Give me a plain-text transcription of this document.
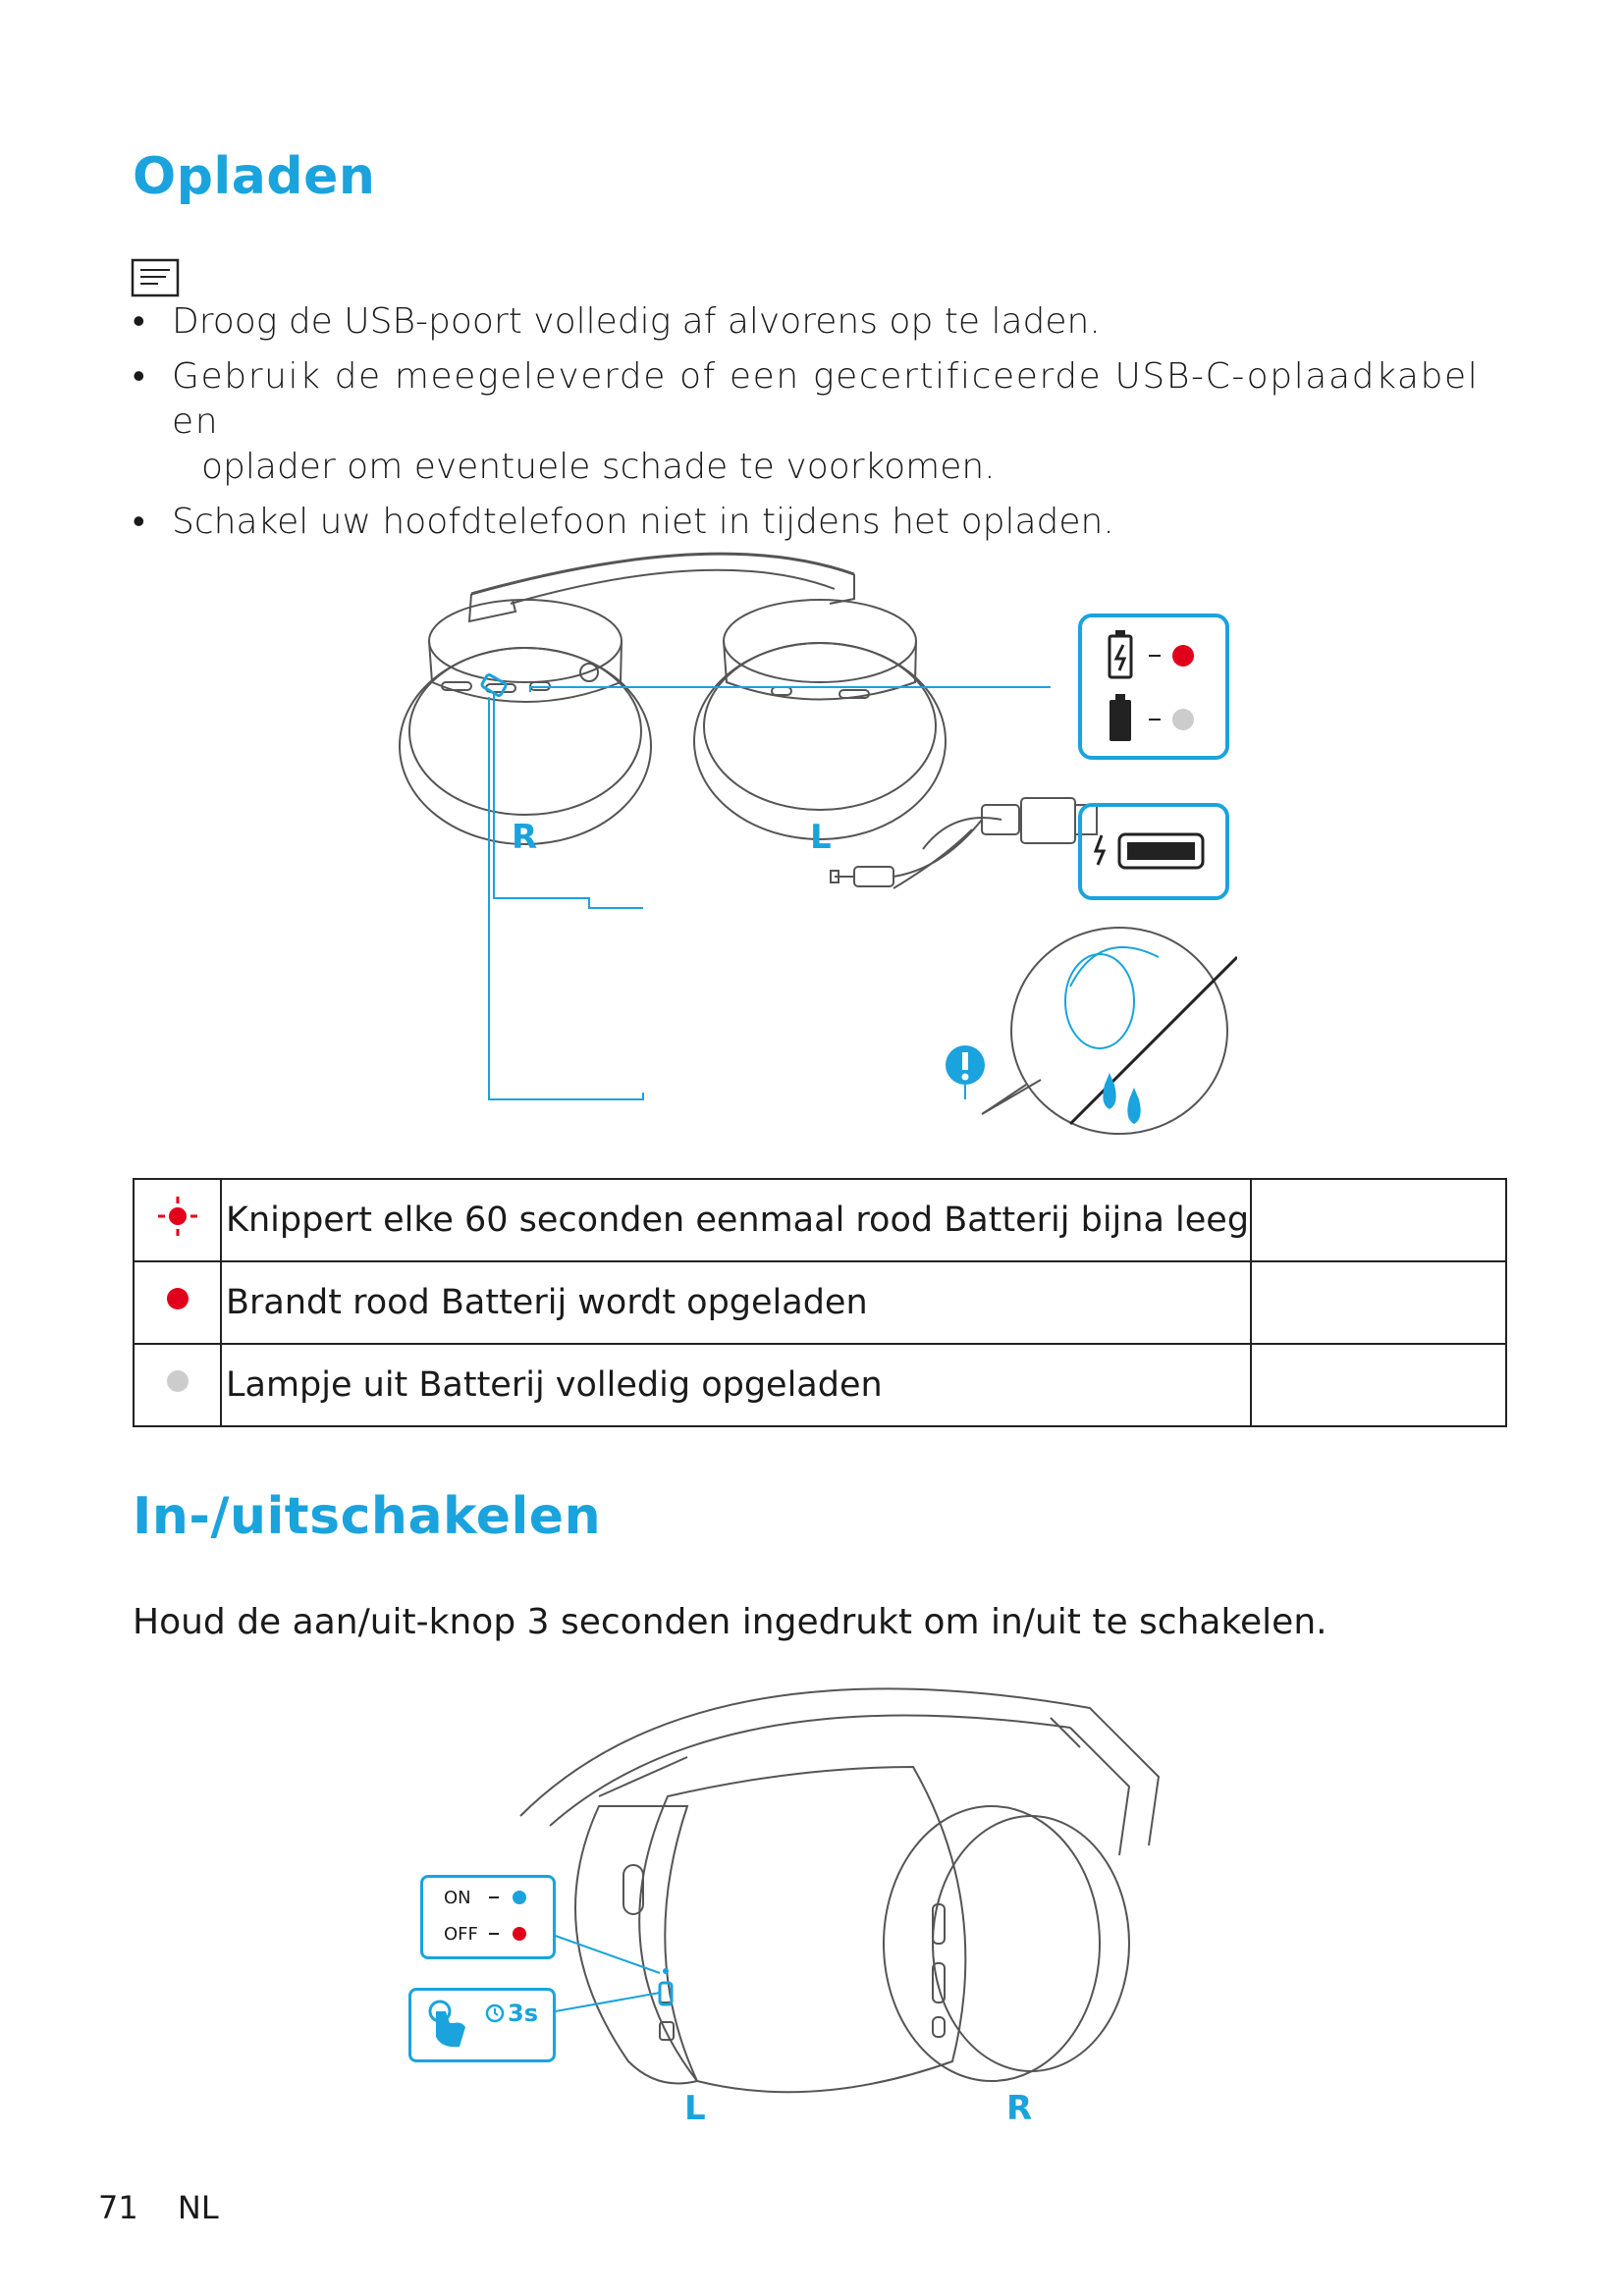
Opladen
• Droog de USB-poort volledig af alvorens op te laden.
• Gebruik de meegeleverde of een gecertificeerde USB-C-oplaadkabel en
oplader om eventuele schade te voorkomen.
• Schakel uw hoofdtelefoon niet in tijdens het opladen.
R	L
	Knippert elke 60 seconden eenmaal rood Batterij bijna leeg	
	Brandt rood Batterij wordt opgeladen	
	Lampje uit Batterij volledig opgeladen	
In-/uitschakelen
Houd de aan/uit-knop 3 seconden ingedrukt om in/uit te schakelen.
ON
OFF
3s
L	R
71 NL
